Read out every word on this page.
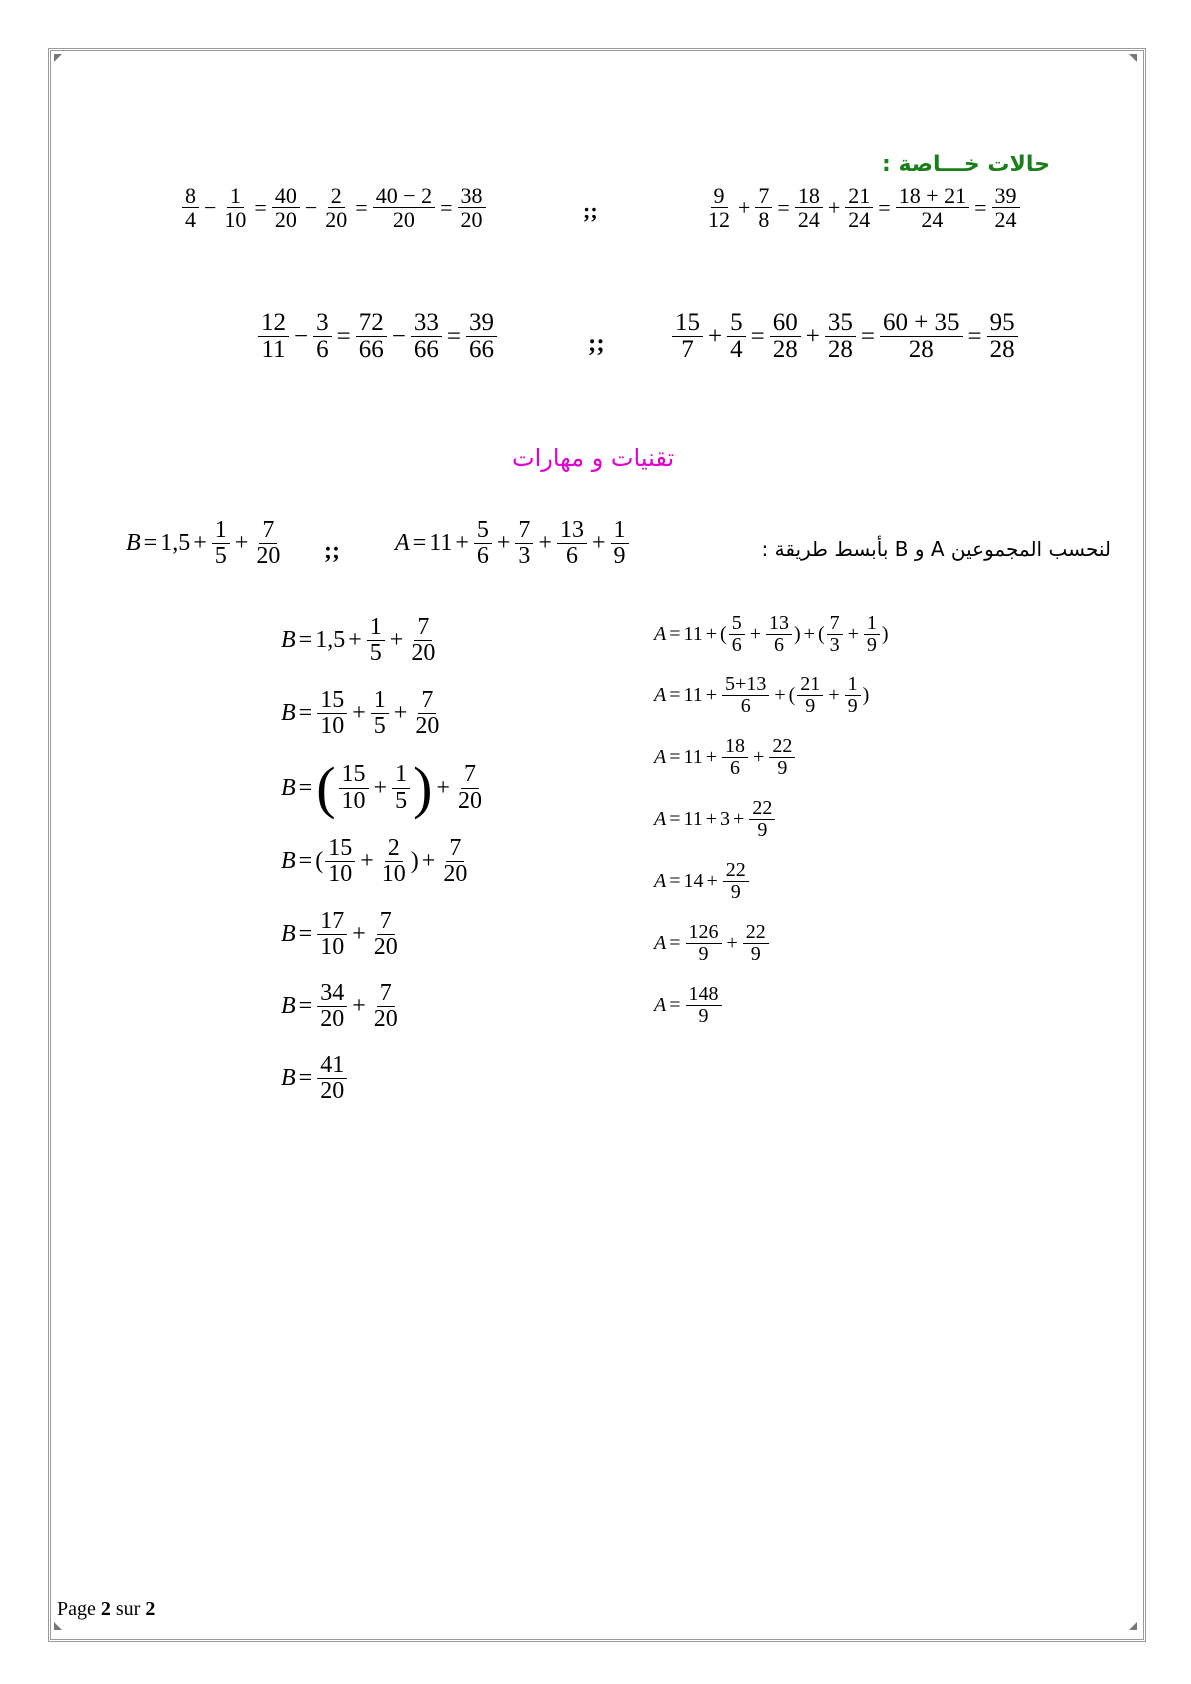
حالات خـــاصة :
$\frac{9}{12} + \frac{7}{8} = \frac{18}{24} + \frac{21}{24} = \frac{18 + 21}{24} = \frac{39}{24}$
;;
$\frac{8}{4} - \frac{1}{10} = \frac{40}{20} - \frac{2}{20} = \frac{40 - 2}{20} = \frac{38}{20}$
$\frac{15}{7} + \frac{5}{4} = \frac{60}{28} + \frac{35}{28} = \frac{60 + 35}{28} = \frac{95}{28}$
;;
$\frac{12}{11} - \frac{3}{6} = \frac{72}{66} - \frac{33}{66} = \frac{39}{66}$
تقنيات و مهارات
لنحسب المجموعين A و B بأبسط طريقة :
$A = 11 + \frac{5}{6} + \frac{7}{3} + \frac{13}{6} + \frac{1}{9}$
;;
$B = 1,5 + \frac{1}{5} + \frac{7}{20}$
$B = 1,5 + \frac{1}{5} + \frac{7}{20}$
$B = \frac{15}{10} + \frac{1}{5} + \frac{7}{20}$
B = ( $\frac{15}{10} + \frac{1}{5}$ ) + $\frac{7}{20}$
B = ( $\frac{15}{10} + \frac{2}{10}$ ) + $\frac{7}{20}$
$B = \frac{17}{10} + \frac{7}{20}$
$B = \frac{34}{20} + \frac{7}{20}$
$B = \frac{41}{20}$
A = 11 + ( $\frac{5}{6} + \frac{13}{6}$ ) + ( $\frac{7}{3} + \frac{1}{9}$ )
$A = 11 + \frac{5+13}{6}$ + ( $\frac{21}{9} + \frac{1}{9}$ )
$A = 11 + \frac{18}{6} + \frac{22}{9}$
$A = 11 + 3 + \frac{22}{9}$
$A = 14 + \frac{22}{9}$
$A = \frac{126}{9} + \frac{22}{9}$
$A = \frac{148}{9}$
Page 2 sur 2
